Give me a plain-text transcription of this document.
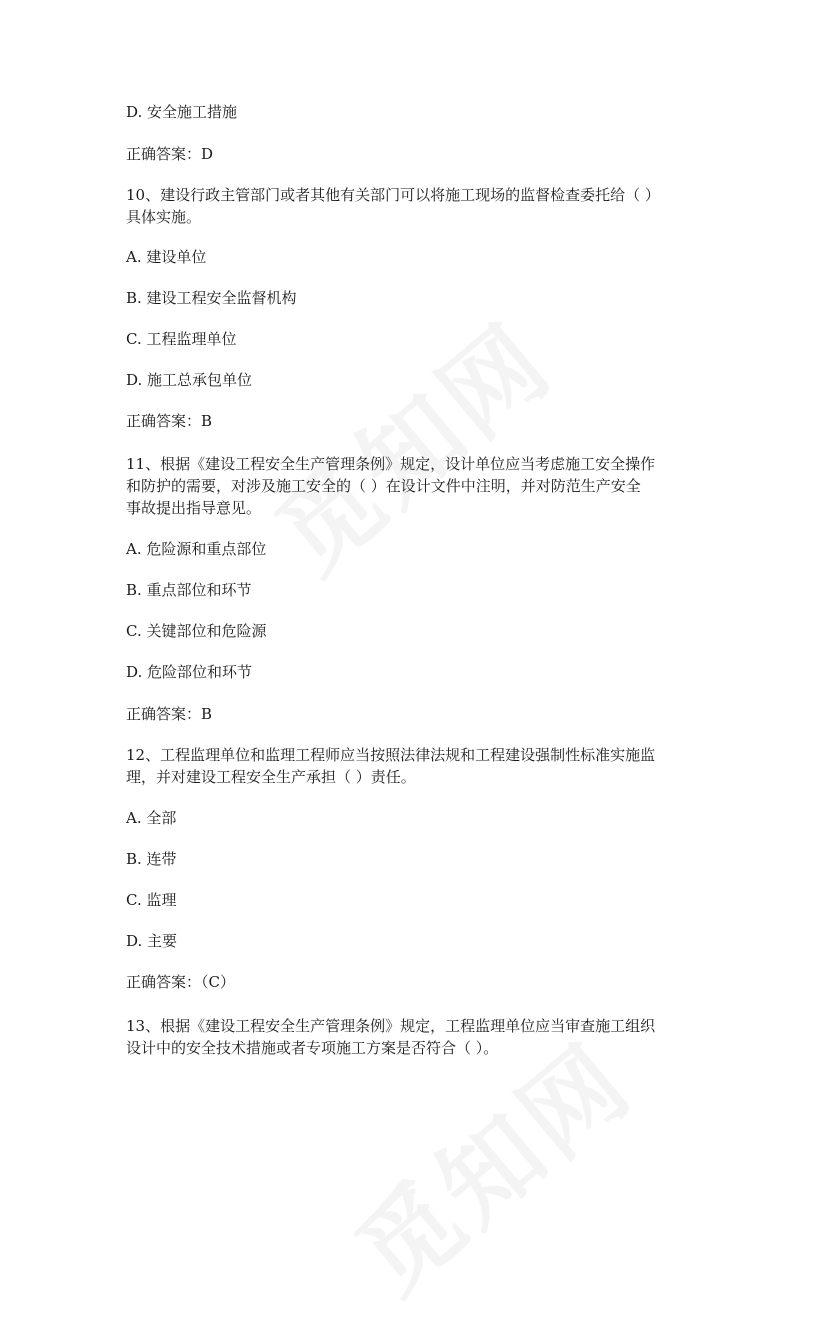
D. 安全施工措施
正确答案：D
10、建设行政主管部门或者其他有关部门可以将施工现场的监督检查委托给（ ）
具体实施。
A. 建设单位
B. 建设工程安全监督机构
C. 工程监理单位
D. 施工总承包单位
正确答案：B
11、根据《建设工程安全生产管理条例》规定，设计单位应当考虑施工安全操作
和防护的需要，对涉及施工安全的（ ）在设计文件中注明，并对防范生产安全
事故提出指导意见。
A. 危险源和重点部位
B. 重点部位和环节
C. 关键部位和危险源
D. 危险部位和环节
正确答案：B
12、工程监理单位和监理工程师应当按照法律法规和工程建设强制性标准实施监
理，并对建设工程安全生产承担（ ）责任。
A. 全部
B. 连带
C. 监理
D. 主要
正确答案：（C）
13、根据《建设工程安全生产管理条例》规定，工程监理单位应当审查施工组织
设计中的安全技术措施或者专项施工方案是否符合（ ）。
